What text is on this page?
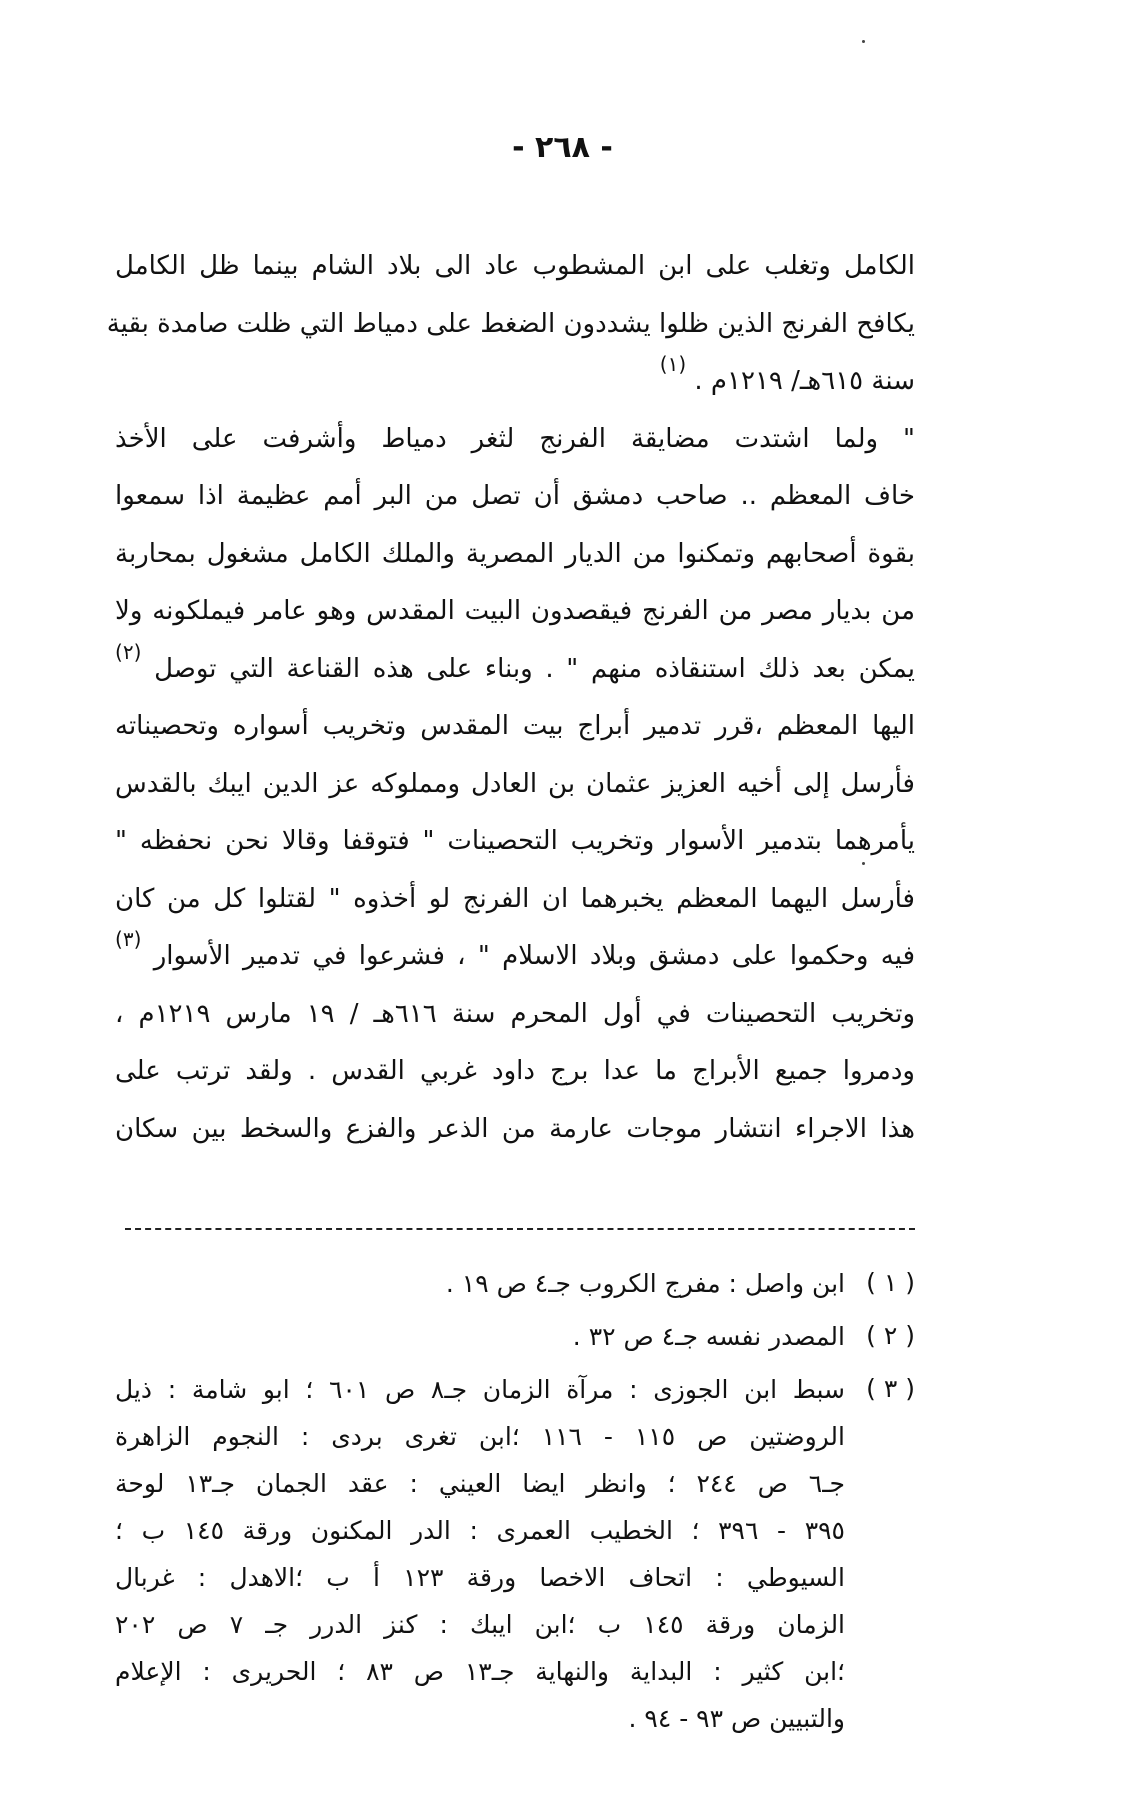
- ٢٦٨ -
الكامل وتغلب على ابن المشطوب عاد الى بلاد الشام بينما ظل الكامل
يكافح الفرنج الذين ظلوا يشددون الضغط على دمياط التي ظلت صامدة بقية
سنة ٦١٥هـ/ ١٢١٩م . $^{(١)}$
" ولما اشتدت مضايقة الفرنج لثغر دمياط وأشرفت على الأخذ
خاف المعظم .. صاحب دمشق أن تصل من البر أمم عظيمة اذا سمعوا
بقوة أصحابهم وتمكنوا من الديار المصرية والملك الكامل مشغول بمحاربة
من بديار مصر من الفرنج فيقصدون البيت المقدس وهو عامر فيملكونه ولا
يمكن بعد ذلك استنقاذه منهم " . وبناء على هذه القناعة التي توصل $^{(٢)}$
اليها المعظم ،قرر تدمير أبراج بيت المقدس وتخريب أسواره وتحصيناته
فأرسل إلى أخيه العزيز عثمان بن العادل ومملوكه عز الدين ايبك بالقدس
يأمرهما بتدمير الأسوار وتخريب التحصينات " فتوقفا وقالا نحن نحفظه "
فأرسل اليهما المعظم يخبرهما ان الفرنج لو أخذوه " لقتلوا كل من كان
فيه وحكموا على دمشق وبلاد الاسلام " ، فشرعوا في تدمير الأسوار $^{(٣)}$
وتخريب التحصينات في أول المحرم سنة ٦١٦هـ / ١٩ مارس ١٢١٩م ،
ودمروا جميع الأبراج ما عدا برج داود غربي القدس . ولقد ترتب على
هذا الاجراء انتشار موجات عارمة من الذعر والفزع والسخط بين سكان
( ١ )
ابن واصل : مفرج الكروب جـ٤ ص ١٩ .
( ٢ )
المصدر نفسه جـ٤ ص ٣٢ .
( ٣ )
سبط ابن الجوزى : مرآة الزمان جـ٨ ص ٦٠١ ؛ ابو شامة : ذيل
الروضتين ص ١١٥ - ١١٦ ؛ابن تغرى بردى : النجوم الزاهرة
جـ٦ ص ٢٤٤ ؛ وانظر ايضا العيني : عقد الجمان جـ١٣ لوحة
٣٩٥ - ٣٩٦ ؛ الخطيب العمرى : الدر المكنون ورقة ١٤٥ ب ؛
السيوطي : اتحاف الاخصا ورقة ١٢٣ أ ب ؛الاهدل : غربال
الزمان ورقة ١٤٥ ب ؛ابن ايبك : كنز الدرر جـ ٧ ص ٢٠٢
؛ابن كثير : البداية والنهاية جـ١٣ ص ٨٣ ؛ الحريرى : الإعلام
والتبيين ص ٩٣ - ٩٤ .
